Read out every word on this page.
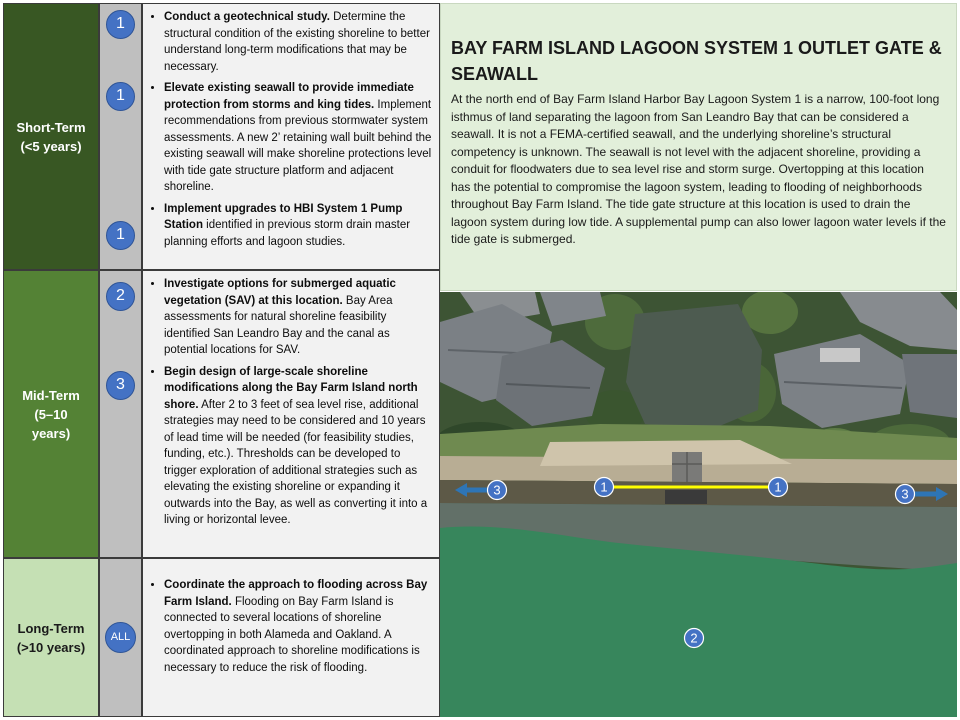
Short-Term
(<5 years)
Mid-Term
(5–10 years)
Long-Term
(>10 years)
1
1
1
2
3
ALL
• Conduct a geotechnical study. Determine the structural condition of the existing shoreline to better understand long-term modifications that may be necessary.
• Elevate existing seawall to provide immediate protection from storms and king tides. Implement recommendations from previous stormwater system assessments. A new 2’ retaining wall built behind the existing seawall will make shoreline protections level with tide gate structure platform and adjacent shoreline.
• Implement upgrades to HBI System 1 Pump Station identified in previous storm drain master planning efforts and lagoon studies.
• Investigate options for submerged aquatic vegetation (SAV) at this location. Bay Area assessments for natural shoreline feasibility identified San Leandro Bay and the canal as potential locations for SAV.
• Begin design of large-scale shoreline modifications along the Bay Farm Island north shore. After 2 to 3 feet of sea level rise, additional strategies may need to be considered and 10 years of lead time will be needed (for feasibility studies, funding, etc.). Thresholds can be developed to trigger exploration of additional strategies such as elevating the existing shoreline or expanding it outwards into the Bay, as well as converting it into a living or horizontal levee.
• Coordinate the approach to flooding across Bay Farm Island. Flooding on Bay Farm Island is connected to several locations of shoreline overtopping in both Alameda and Oakland. A coordinated approach to shoreline modifications is necessary to reduce the risk of flooding.
BAY FARM ISLAND LAGOON SYSTEM 1 OUTLET GATE & SEAWALL

At the north end of Bay Farm Island Harbor Bay Lagoon System 1 is a narrow, 100-foot long isthmus of land separating the lagoon from San Leandro Bay that can be considered a seawall. It is not a FEMA-certified seawall, and the underlying shoreline’s structural competency is unknown. The seawall is not level with the adjacent shoreline, providing a conduit for floodwaters due to sea level rise and storm surge. Overtopping at this location has the potential to compromise the lagoon system, leading to flooding of neighborhoods throughout Bay Farm Island. The tide gate structure at this location is used to drain the lagoon system during low tide. A supplemental pump can also lower lagoon water levels if the tide gate is submerged.

1	1
3	3
2
